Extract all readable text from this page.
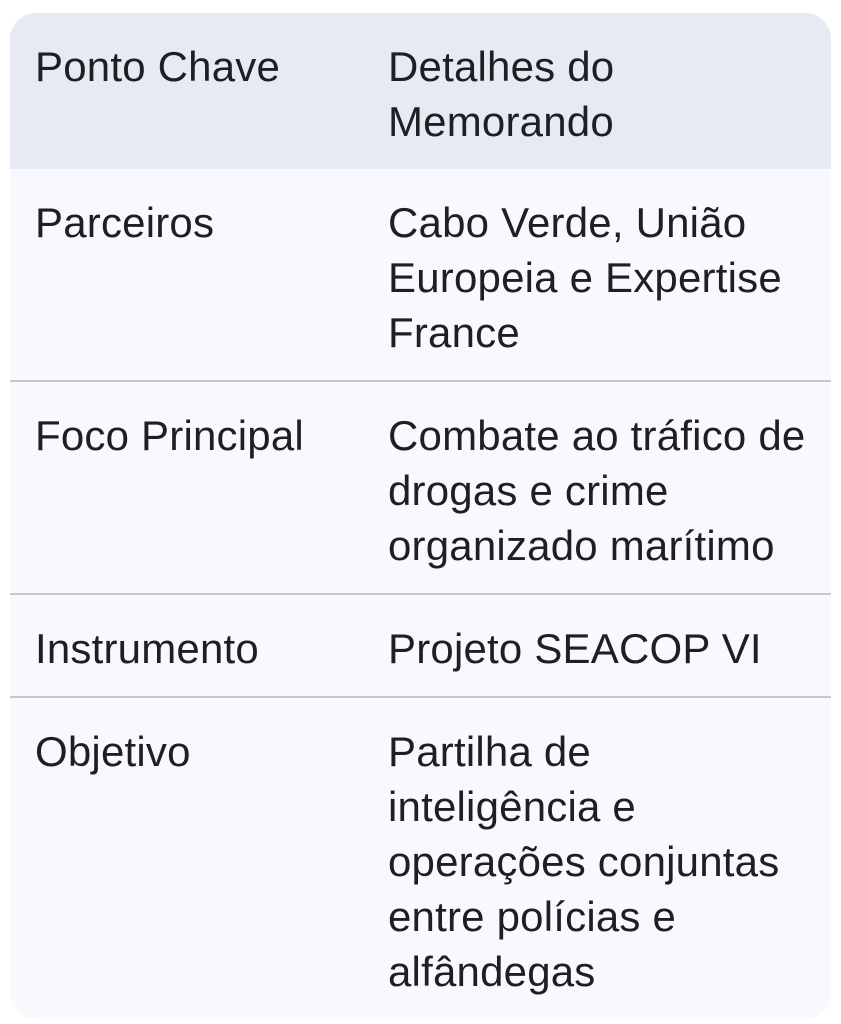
Ponto Chave	Detalhes do Memorando
Parceiros	Cabo Verde, União Europeia e Expertise France
Foco Principal	Combate ao tráfico de drogas e crime organizado marítimo
Instrumento	Projeto SEACOP VI
Objetivo	Partilha de inteligência e operações conjuntas entre polícias e alfândegas
